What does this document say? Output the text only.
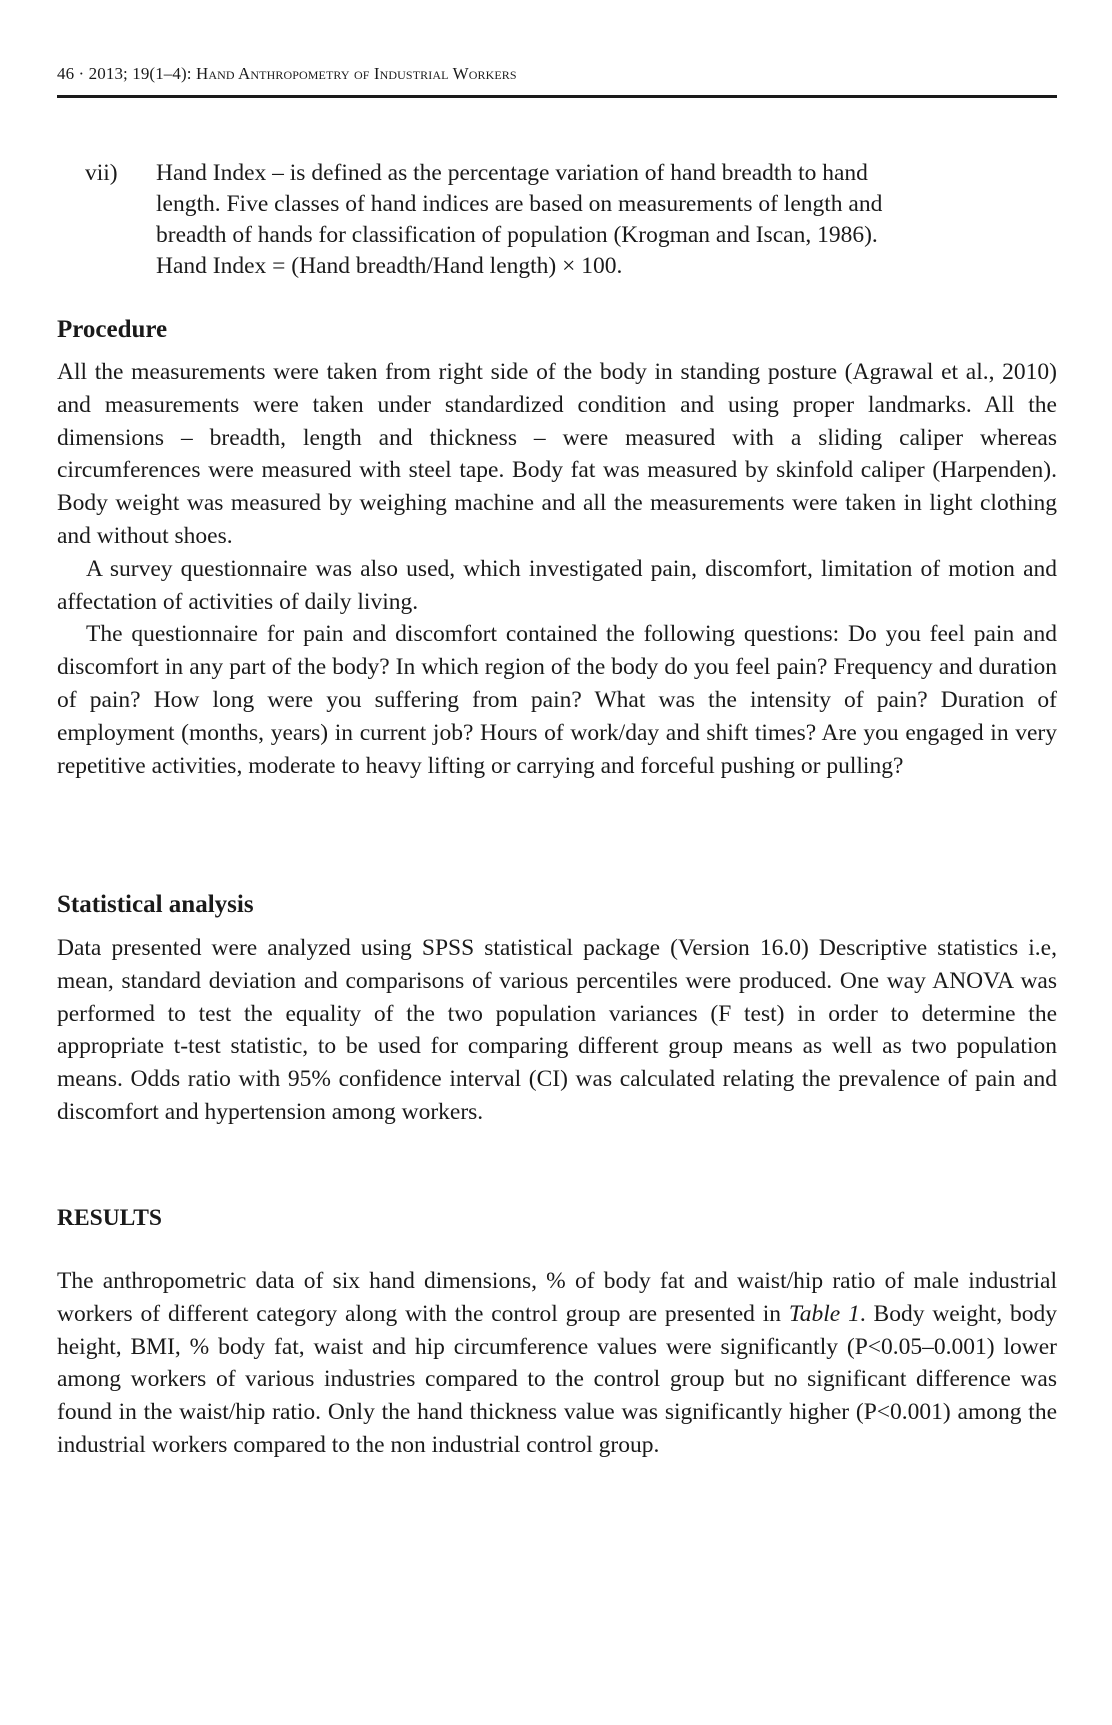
46 · 2013; 19(1–4): Hand Anthropometry of Industrial Workers
vii) Hand Index – is defined as the percentage variation of hand breadth to hand
length. Five classes of hand indices are based on measurements of length and
breadth of hands for classification of population (Krogman and Iscan, 1986).
Hand Index = (Hand breadth/Hand length) × 100.
Procedure

All the measurements were taken from right side of the body in standing posture (Agrawal et al., 2010) and measurements were taken under standardized condition and using proper landmarks. All the dimensions – breadth, length and thickness – were measured with a sliding caliper whereas circumferences were measured with steel tape. Body fat was measured by skinfold caliper (Harpenden). Body weight was measured by weighing machine and all the measurements were taken in light clothing and without shoes.

A survey questionnaire was also used, which investigated pain, discomfort, limitation of motion and affectation of activities of daily living.

The questionnaire for pain and discomfort contained the following questions: Do you feel pain and discomfort in any part of the body? In which region of the body do you feel pain? Frequency and duration of pain? How long were you suffering from pain? What was the intensity of pain? Duration of employment (months, years) in current job? Hours of work/day and shift times? Are you engaged in very repetitive activities, moderate to heavy lifting or carrying and forceful pushing or pulling?

Statistical analysis

Data presented were analyzed using SPSS statistical package (Version 16.0) Descriptive statistics i.e, mean, standard deviation and comparisons of various percentiles were produced. One way ANOVA was performed to test the equality of the two population variances (F test) in order to determine the appropriate t-test statistic, to be used for comparing different group means as well as two population means. Odds ratio with 95% confidence interval (CI) was calculated relating the prevalence of pain and discomfort and hypertension among workers.

RESULTS

The anthropometric data of six hand dimensions, % of body fat and waist/hip ratio of male industrial workers of different category along with the control group are presented in Table 1. Body weight, body height, BMI, % body fat, waist and hip circumference values were significantly (P<0.05–0.001) lower among workers of various industries compared to the control group but no significant difference was found in the waist/hip ratio. Only the hand thickness value was significantly higher (P<0.001) among the industrial workers compared to the non industrial control group.
